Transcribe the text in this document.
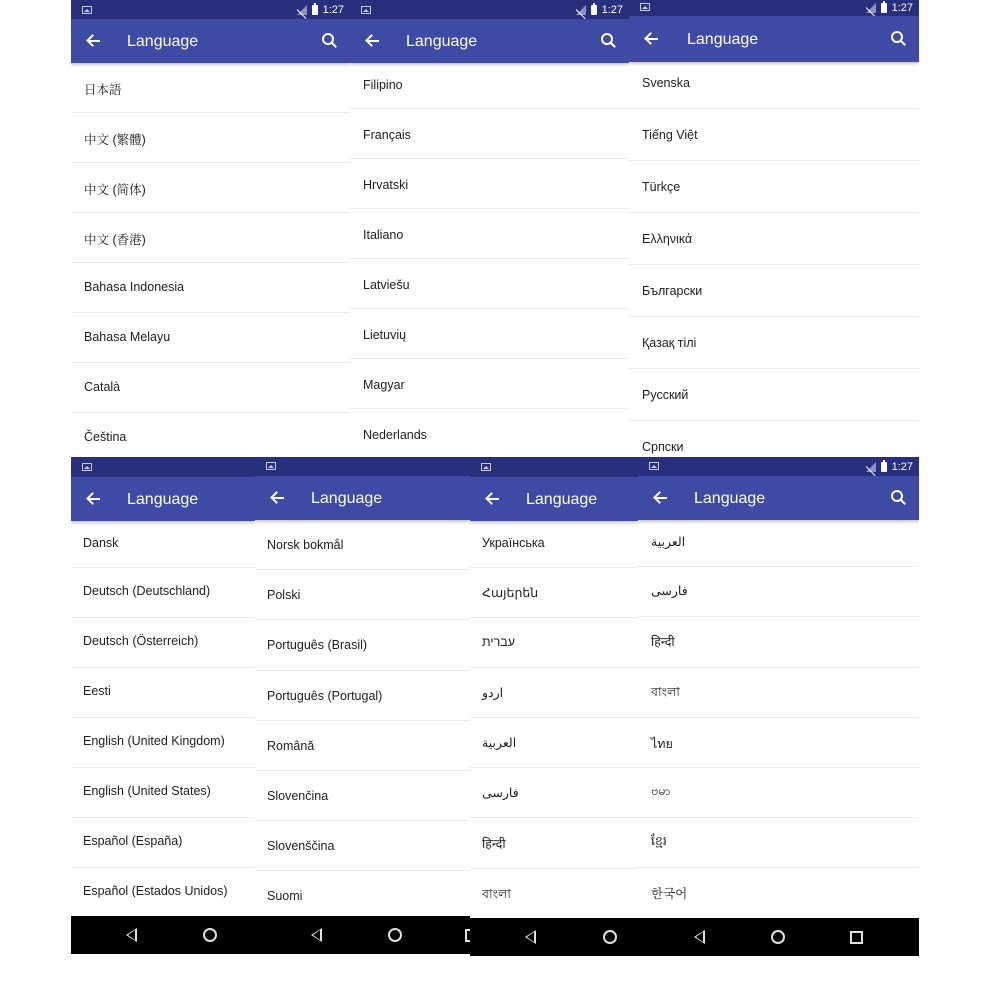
1:27
Language
日本語
中文 (繁體)
中文 (简体)
中文 (香港)
Bahasa Indonesia
Bahasa Melayu
Català
Čeština
1:27
Language
Filipino
Français
Hrvatski
Italiano
Latviešu
Lietuvių
Magyar
Nederlands
1:27
Language
Svenska
Tiếng Việt
Türkçe
Ελληνικά
Български
Қазақ тілі
Русский
Српски
Language
Dansk
Deutsch (Deutschland)
Deutsch (Österreich)
Eesti
English (United Kingdom)
English (United States)
Español (España)
Español (Estados Unidos)
Language
Norsk bokmål
Polski
Português (Brasil)
Português (Portugal)
Română
Slovenčina
Slovenščina
Suomi
Language
Українська
Հայերեն
עברית
اردو
العربية
فارسی
हिन्दी
বাংলা
1:27
Language
العربية
فارسی
हिन्दी
বাংলা
ไทย
ဗမာ
ខ្មែរ
한국어
